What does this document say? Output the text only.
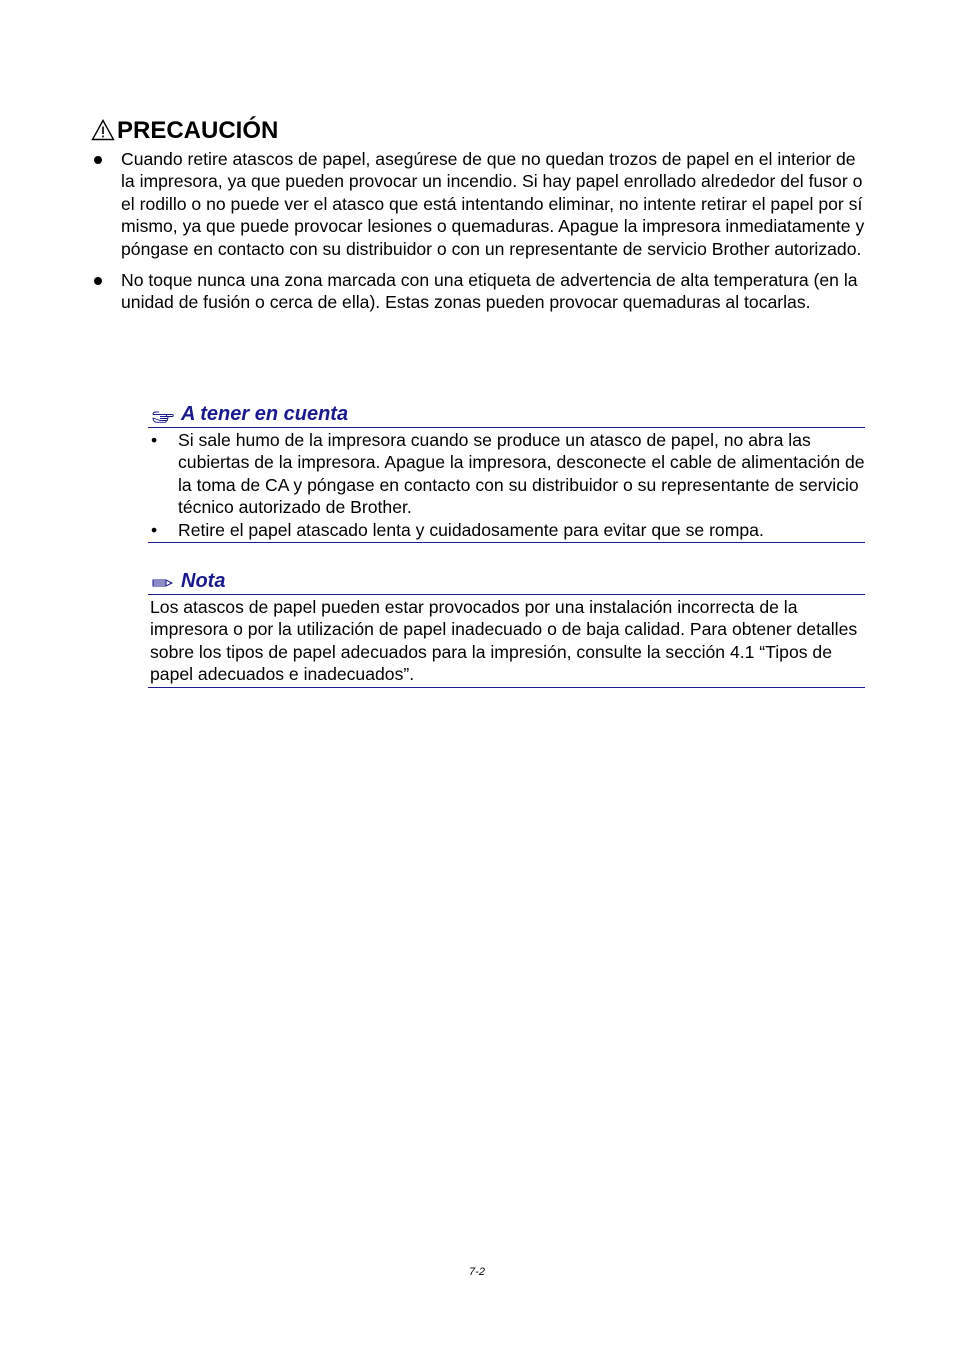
PRECAUCIÓN
Cuando retire atascos de papel, asegúrese de que no quedan trozos de papel en el interior de la impresora, ya que pueden provocar un incendio. Si hay papel enrollado alrededor del fusor o el rodillo o no puede ver el atasco que está intentando eliminar, no intente retirar el papel por sí mismo, ya que puede provocar lesiones o quemaduras. Apague la impresora inmediatamente y póngase en contacto con su distribuidor o con un representante de servicio Brother autorizado.
No toque nunca una zona marcada con una etiqueta de advertencia de alta temperatura (en la unidad de fusión o cerca de ella). Estas zonas pueden provocar quemaduras al tocarlas.
A tener en cuenta
• Si sale humo de la impresora cuando se produce un atasco de papel, no abra las cubiertas de la impresora. Apague la impresora, desconecte el cable de alimentación de la toma de CA y póngase en contacto con su distribuidor o su representante de servicio técnico autorizado de Brother.
• Retire el papel atascado lenta y cuidadosamente para evitar que se rompa.
Nota

Los atascos de papel pueden estar provocados por una instalación incorrecta de la impresora o por la utilización de papel inadecuado o de baja calidad. Para obtener detalles sobre los tipos de papel adecuados para la impresión, consulte la sección 4.1 “Tipos de papel adecuados e inadecuados”.

7-2
